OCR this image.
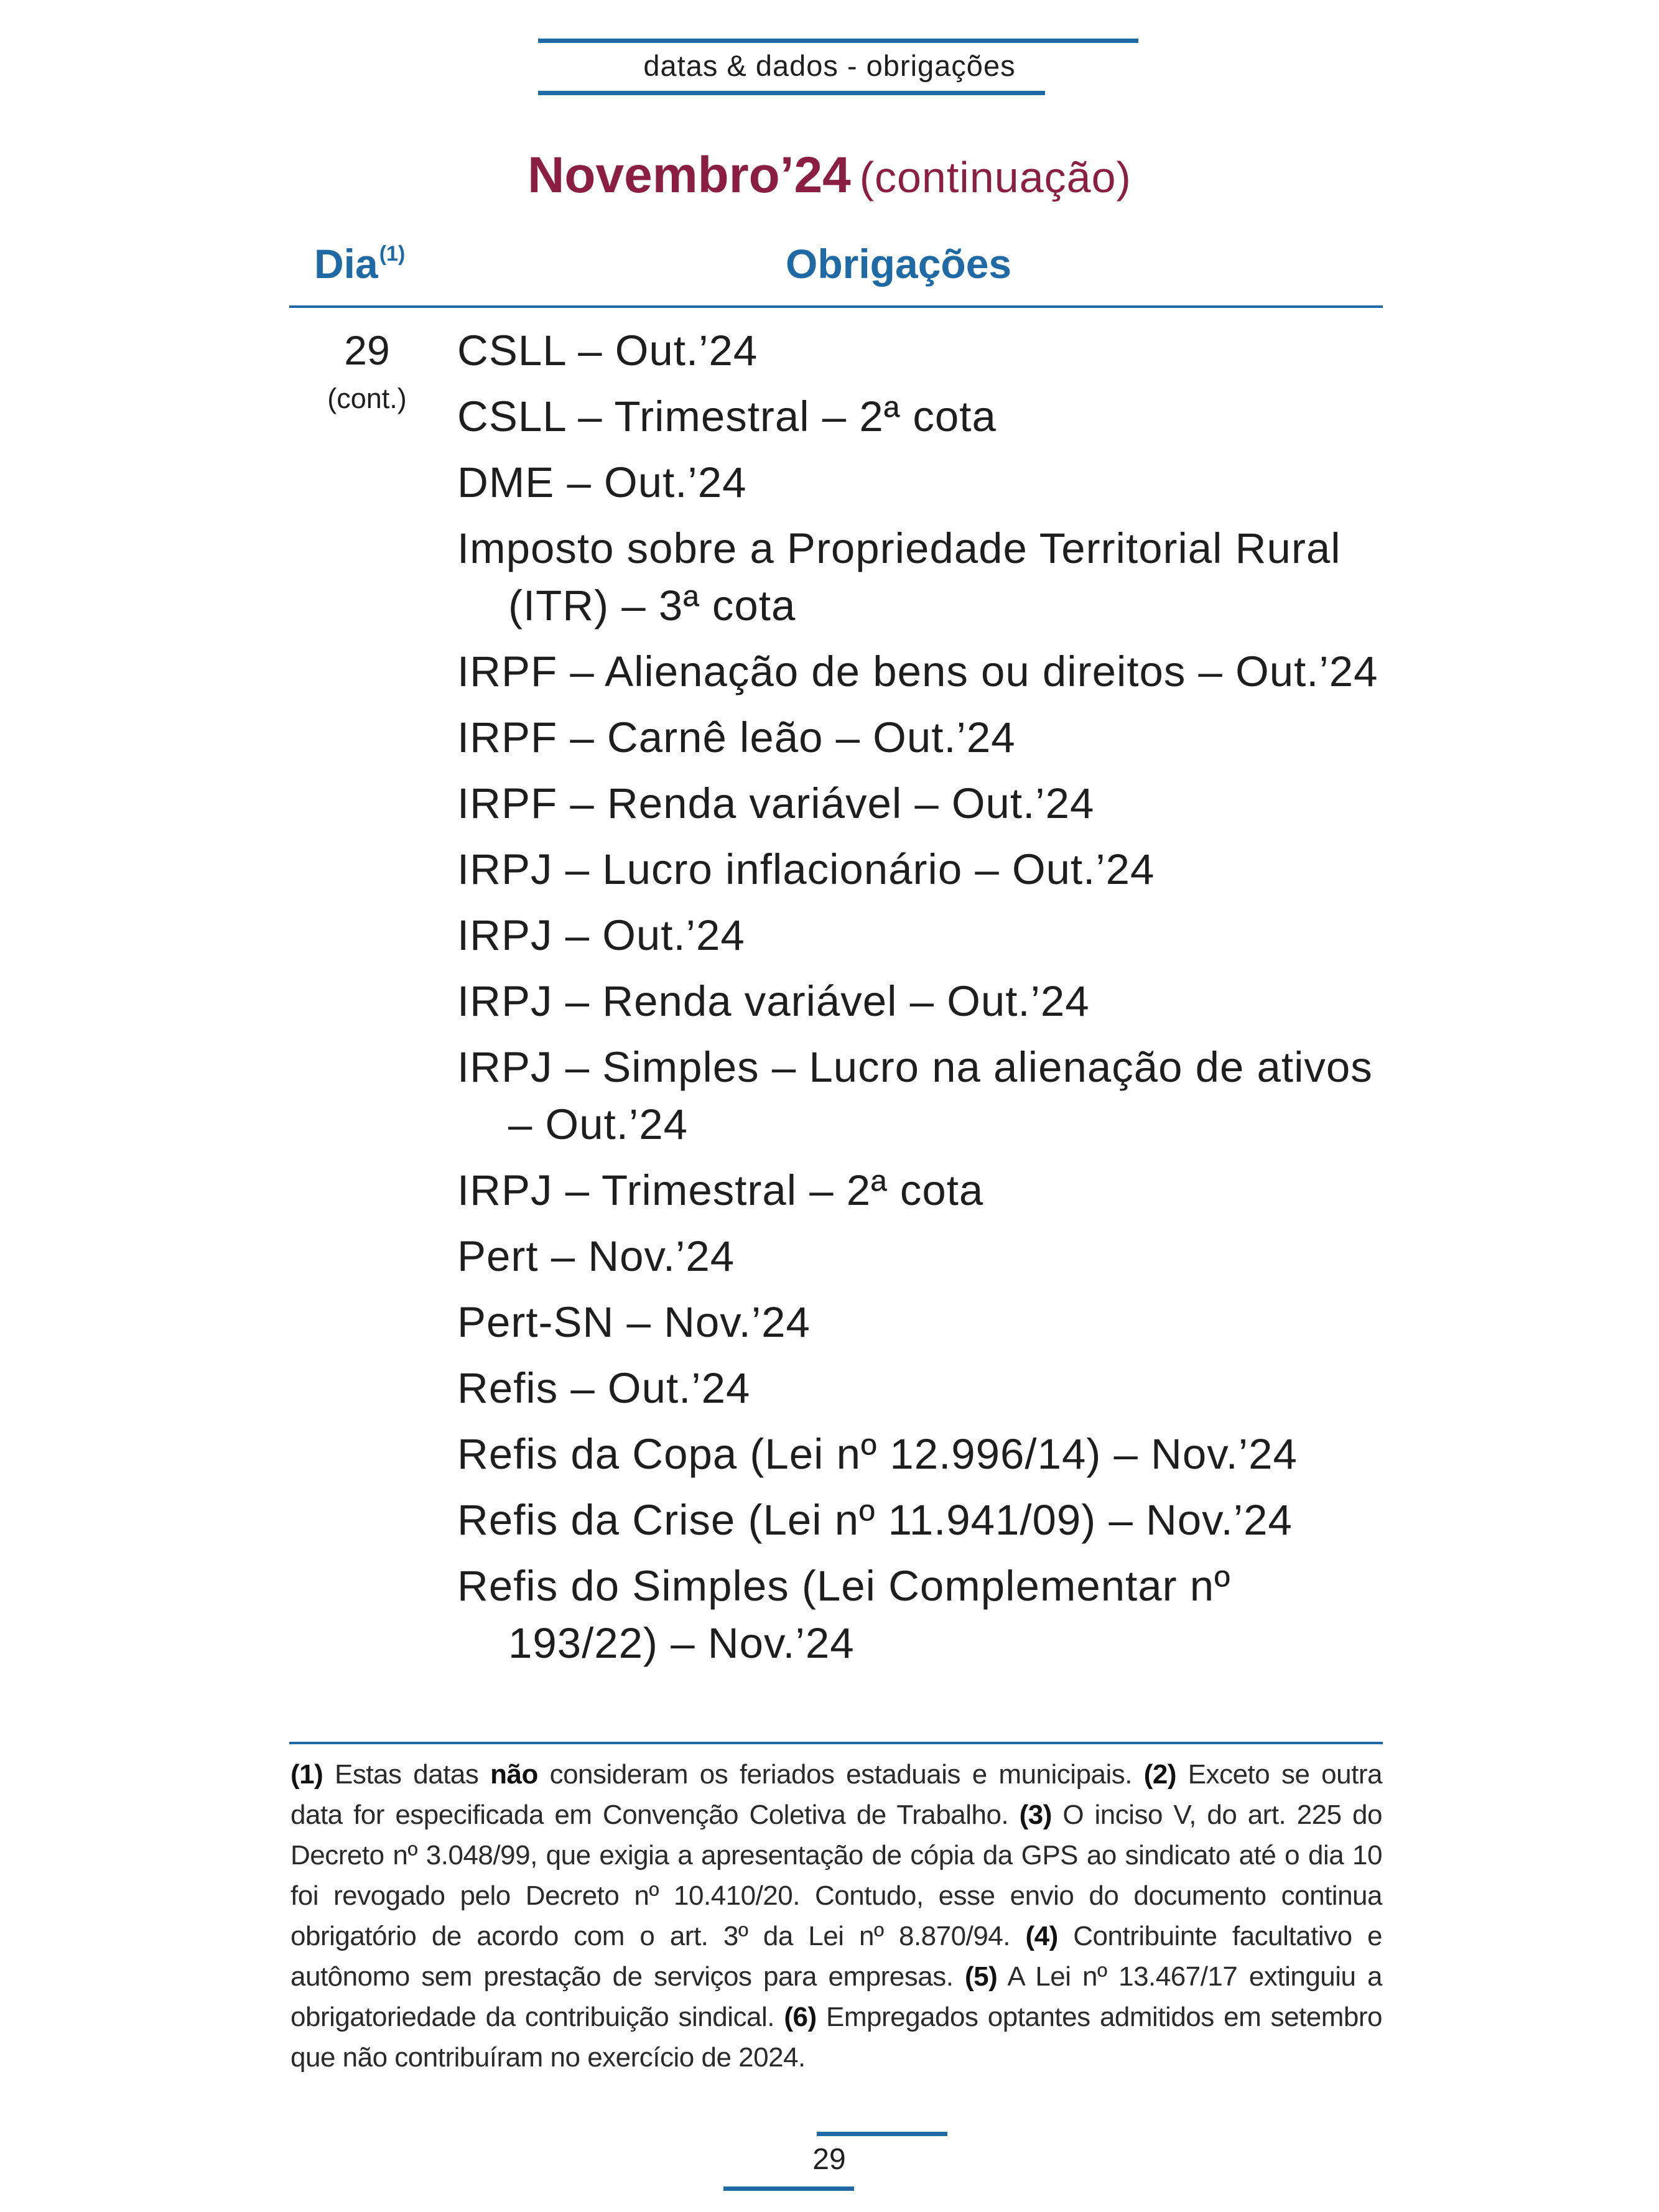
datas & dados - obrigações
Novembro’24 (continuação)
Dia$^{(1)}$	Obrigações
29
(cont.)
CSLL – Out.’24
CSLL – Trimestral – 2ª cota
DME – Out.’24
Imposto sobre a Propriedade Territorial Rural (ITR) – 3ª cota
IRPF – Alienação de bens ou direitos – Out.’24
IRPF – Carnê leão – Out.’24
IRPF – Renda variável – Out.’24
IRPJ – Lucro inflacionário – Out.’24
IRPJ – Out.’24
IRPJ – Renda variável – Out.’24
IRPJ – Simples – Lucro na alienação de ativos – Out.’24
IRPJ – Trimestral – 2ª cota
Pert – Nov.’24
Pert-SN – Nov.’24
Refis – Out.’24
Refis da Copa (Lei nº 12.996/14) – Nov.’24
Refis da Crise (Lei nº 11.941/09) – Nov.’24
Refis do Simples (Lei Complementar nº 193/22) – Nov.’24
(1) Estas datas não consideram os feriados estaduais e municipais. (2) Exceto se outra data for especificada em Convenção Coletiva de Trabalho. (3) O inciso V, do art. 225 do Decreto nº 3.048/99, que exigia a apresentação de cópia da GPS ao sindicato até o dia 10 foi revogado pelo Decreto nº 10.410/20. Contudo, esse envio do documento continua obrigatório de acordo com o art. 3º da Lei nº 8.870/94. (4) Contribuinte facultativo e autônomo sem prestação de serviços para empresas. (5) A Lei nº 13.467/17 extinguiu a obrigatoriedade da contribuição sindical. (6) Empregados optantes admitidos em setembro que não contribuíram no exercício de 2024.
29
